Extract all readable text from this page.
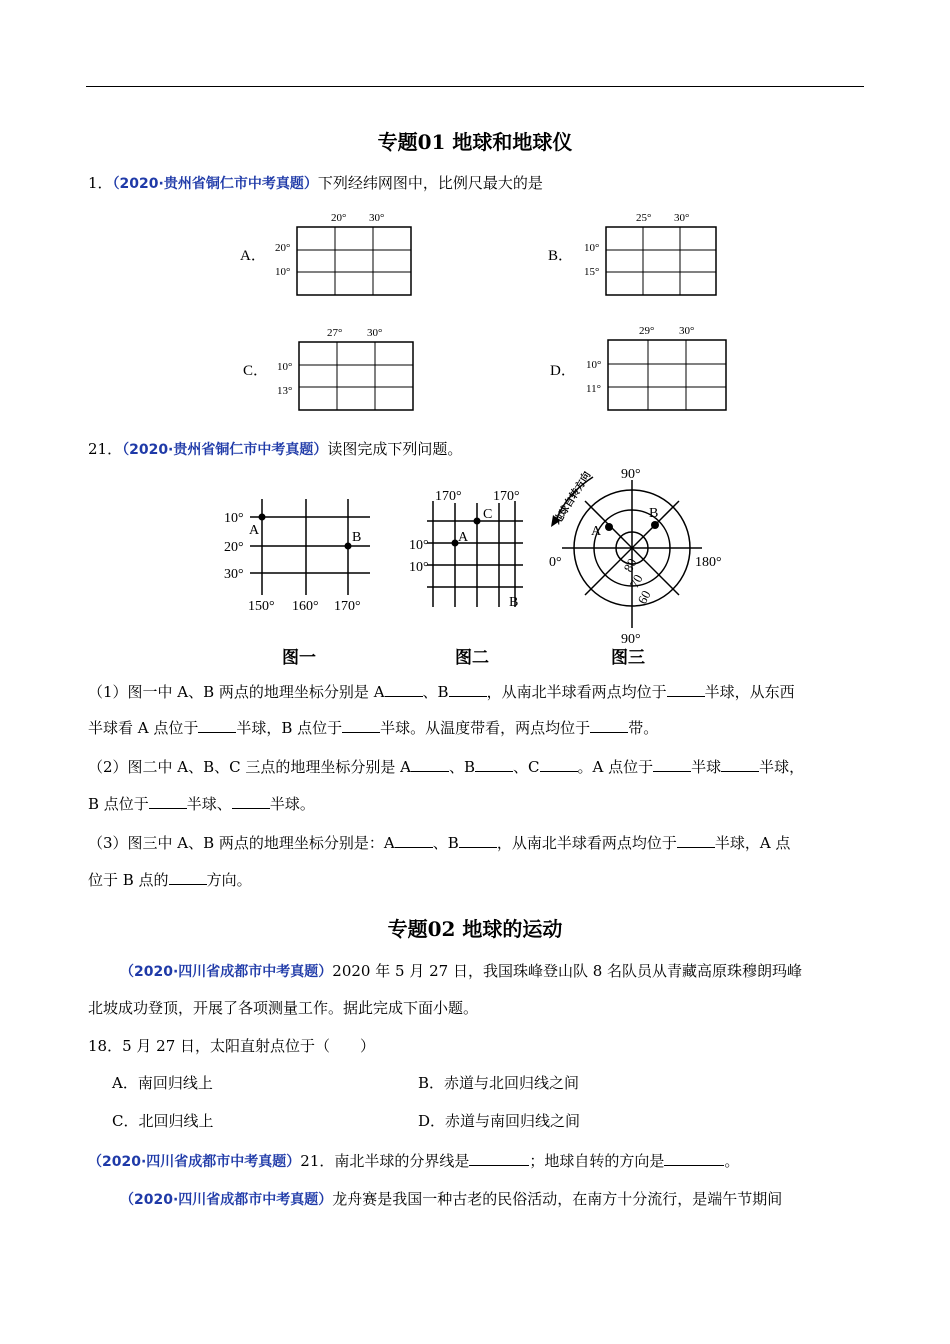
专题01 地球和地球仪
1．（2020·贵州省铜仁市中考真题）下列经纬网图中，比例尺最大的是
A．
20° 30°
20°
10°
B．
25° 30°
10°
15°
C．
27° 30°
10°
13°
D．
29° 30°
10°
11°
21．（2020·贵州省铜仁市中考真题）读图完成下列问题。
10°
20°
30°
150° 160° 170°
A	B
图一
170° 170°
10°
10°
A
C
B
图二
90°
90°
0°	180°
80
70
60
A
B
地球自转方向
图三
（1）图一中 A、B 两点的地理坐标分别是 A	、B	，从南北半球看两点均位于	半球，从东西
半球看 A 点位于	半球，B 点位于	半球。从温度带看，两点均位于	带。
（2）图二中 A、B、C 三点的地理坐标分别是 A	、B	、C	。A 点位于	半球	半球，
B 点位于	半球、	半球。
（3）图三中 A、B 两点的地理坐标分别是：A	、B	，从南北半球看两点均位于	半球，A 点
位于 B 点的	方向。
专题02 地球的运动
（2020·四川省成都市中考真题）2020 年 5 月 27 日，我国珠峰登山队 8 名队员从青藏高原珠穆朗玛峰
北坡成功登顶，开展了各项测量工作。据此完成下面小题。
18．5 月 27 日，太阳直射点位于（　　）
A．南回归线上	B．赤道与北回归线之间
C．北回归线上	D．赤道与南回归线之间
（2020·四川省成都市中考真题）21．南北半球的分界线是	；地球自转的方向是	。
（2020·四川省成都市中考真题）龙舟赛是我国一种古老的民俗活动，在南方十分流行，是端午节期间
